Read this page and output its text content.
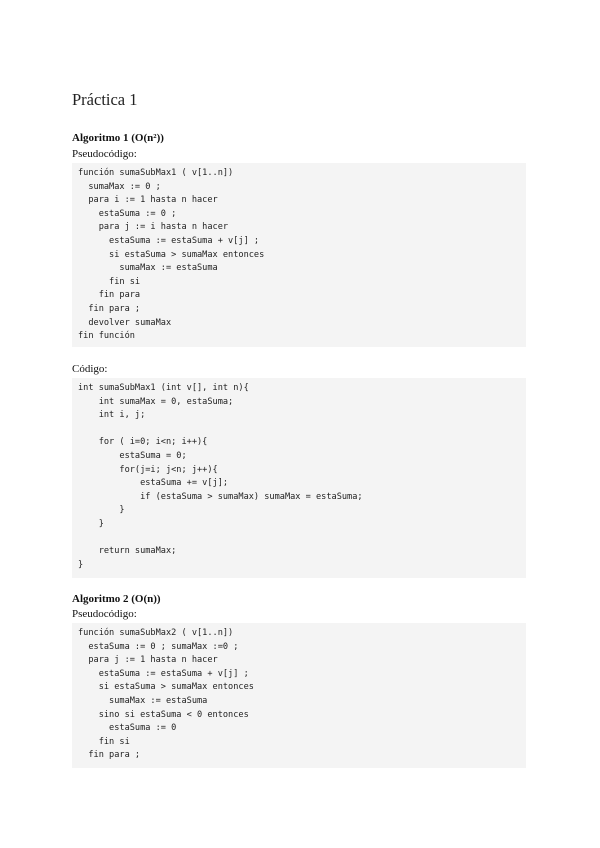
Práctica 1
Algoritmo 1 (O(n²))
Pseudocódigo:
función sumaSubMax1 ( v[1..n])
sumaMax := 0 ;
para i := 1 hasta n hacer
estaSuma := 0 ;
para j := i hasta n hacer
estaSuma := estaSuma + v[j] ;
si estaSuma > sumaMax entonces
sumaMax := estaSuma
fin si
fin para
fin para ;
devolver sumaMax
fin función
Código:
int sumaSubMax1 (int v[], int n){
int sumaMax = 0, estaSuma;
int i, j;
for ( i=0; i<n; i++){
estaSuma = 0;
for(j=i; j<n; j++){
estaSuma += v[j];
if (estaSuma > sumaMax) sumaMax = estaSuma;
}
}
return sumaMax;
}
Algoritmo 2 (O(n))
Pseudocódigo:
función sumaSubMax2 ( v[1..n])
estaSuma := 0 ; sumaMax :=0 ;
para j := 1 hasta n hacer
estaSuma := estaSuma + v[j] ;
si estaSuma > sumaMax entonces
sumaMax := estaSuma
sino si estaSuma < 0 entonces
estaSuma := 0
fin si
fin para ;
